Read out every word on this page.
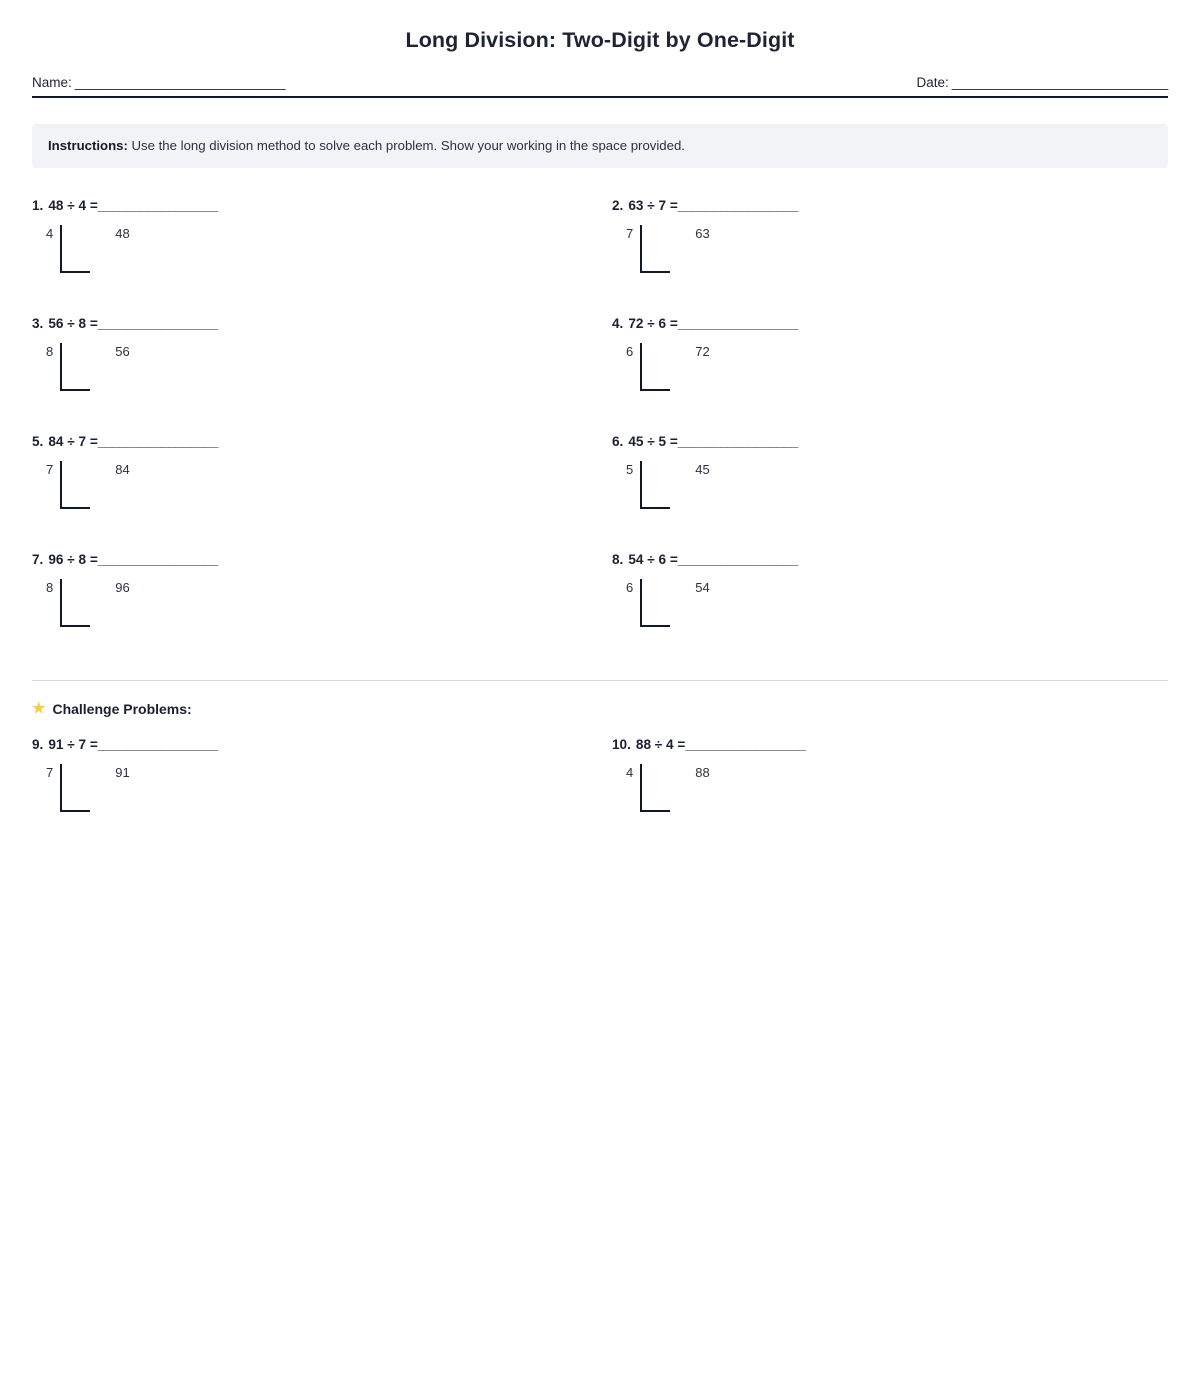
Long Division: Two-Digit by One-Digit
Name: ______________________________	Date: ______________________________
Instructions: Use the long division method to solve each problem. Show your working in the space provided.
1. 48 ÷ 4 = _________________
4	48
2. 63 ÷ 7 = _________________
7	63
3. 56 ÷ 8 = _________________
8	56
4. 72 ÷ 6 = _________________
6	72
5. 84 ÷ 7 = _________________
7	84
6. 45 ÷ 5 = _________________
5	45
7. 96 ÷ 8 = _________________
8	96
8. 54 ÷ 6 = _________________
6	54
★ Challenge Problems:
9. 91 ÷ 7 = _________________
7	91
10. 88 ÷ 4 = _________________
4	88
